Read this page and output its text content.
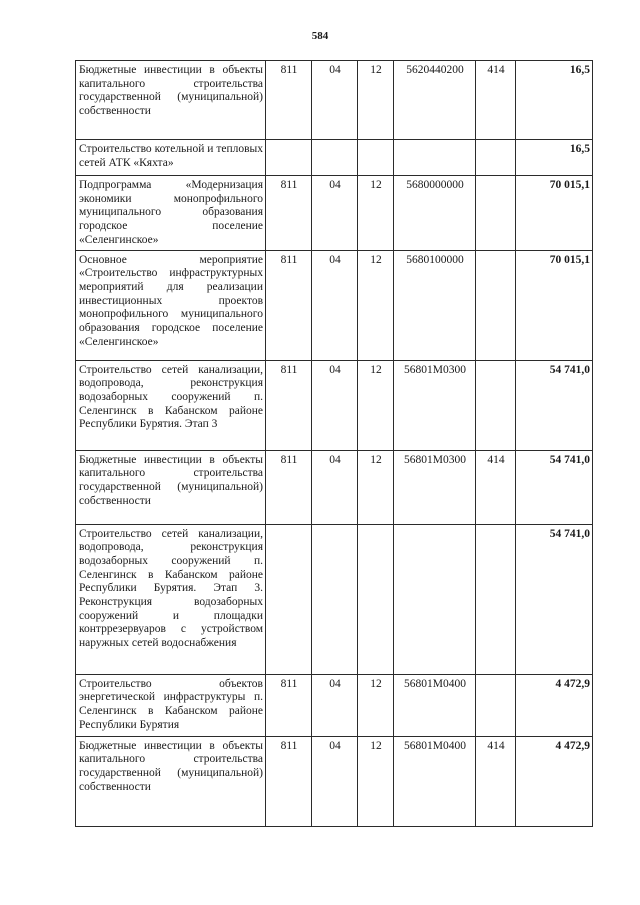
584
Бюджетные инвестиции в объекты капитального строительства государственной (муниципальной) собственности	811	04	12	5620440200	414	16,5
Строительство котельной и тепловых сетей АТК «Кяхта»						16,5
Подпрограмма «Модернизация экономики монопрофильного муниципального образования городское поселение «Селенгинское»	811	04	12	5680000000		70 015,1
Основное мероприятие «Строительство инфраструктурных мероприятий для реализации инвестиционных проектов монопрофильного муниципального образования городское поселение «Селенгинское»	811	04	12	5680100000		70 015,1
Строительство сетей канализации, водопровода, реконструкция водозаборных сооружений п. Селенгинск в Кабанском районе Республики Бурятия. Этап 3	811	04	12	56801М0300		54 741,0
Бюджетные инвестиции в объекты капитального строительства государственной (муниципальной) собственности	811	04	12	56801М0300	414	54 741,0
Строительство сетей канализации, водопровода, реконструкция водозаборных сооружений п. Селенгинск в Кабанском районе Республики Бурятия. Этап 3. Реконструкция водозаборных сооружений и площадки контррезервуаров с устройством наружных сетей водоснабжения						54 741,0
Строительство объектов энергетической инфраструктуры п. Селенгинск в Кабанском районе Республики Бурятия	811	04	12	56801М0400		4 472,9
Бюджетные инвестиции в объекты капитального строительства государственной (муниципальной) собственности	811	04	12	56801М0400	414	4 472,9
